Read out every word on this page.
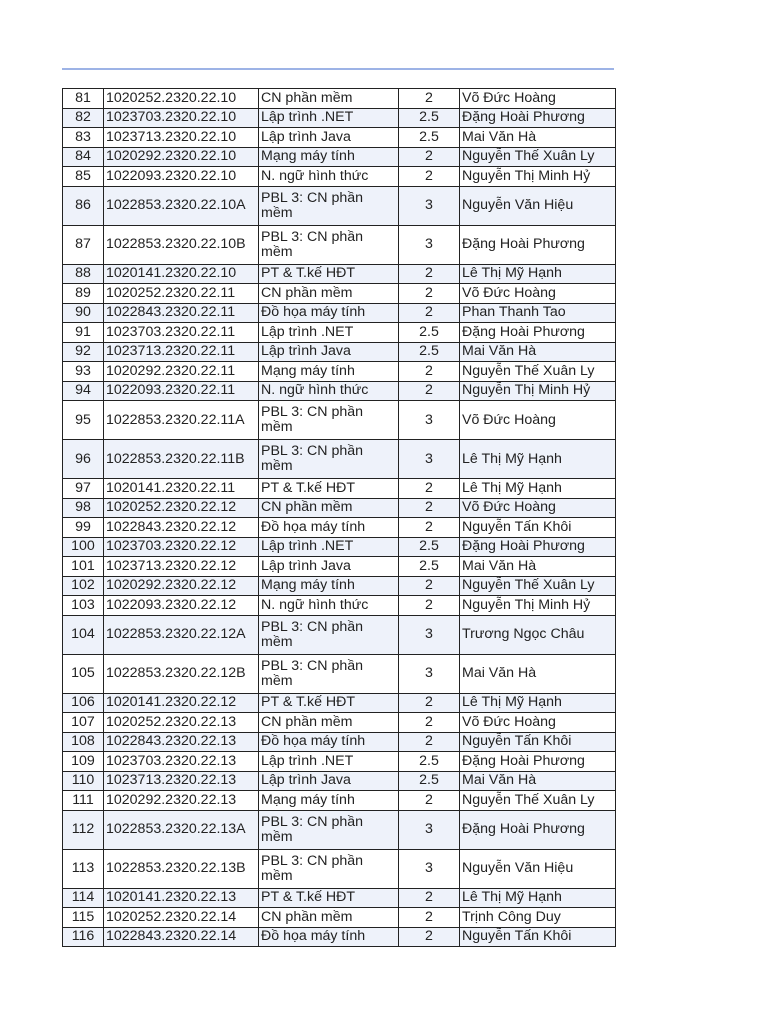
81	1020252.2320.22.10	CN phần mềm	2	Võ Đức Hoàng
82	1023703.2320.22.10	Lập trình .NET	2.5	Đặng Hoài Phương
83	1023713.2320.22.10	Lập trình Java	2.5	Mai Văn Hà
84	1020292.2320.22.10	Mạng máy tính	2	Nguyễn Thế Xuân Ly
85	1022093.2320.22.10	N. ngữ hình thức	2	Nguyễn Thị Minh Hỷ
86	1022853.2320.22.10A	PBL 3: CN phần mềm	3	Nguyễn Văn Hiệu
87	1022853.2320.22.10B	PBL 3: CN phần mềm	3	Đặng Hoài Phương
88	1020141.2320.22.10	PT & T.kế HĐT	2	Lê Thị Mỹ Hạnh
89	1020252.2320.22.11	CN phần mềm	2	Võ Đức Hoàng
90	1022843.2320.22.11	Đồ họa máy tính	2	Phan Thanh Tao
91	1023703.2320.22.11	Lập trình .NET	2.5	Đặng Hoài Phương
92	1023713.2320.22.11	Lập trình Java	2.5	Mai Văn Hà
93	1020292.2320.22.11	Mạng máy tính	2	Nguyễn Thế Xuân Ly
94	1022093.2320.22.11	N. ngữ hình thức	2	Nguyễn Thị Minh Hỷ
95	1022853.2320.22.11A	PBL 3: CN phần mềm	3	Võ Đức Hoàng
96	1022853.2320.22.11B	PBL 3: CN phần mềm	3	Lê Thị Mỹ Hạnh
97	1020141.2320.22.11	PT & T.kế HĐT	2	Lê Thị Mỹ Hạnh
98	1020252.2320.22.12	CN phần mềm	2	Võ Đức Hoàng
99	1022843.2320.22.12	Đồ họa máy tính	2	Nguyễn Tấn Khôi
100	1023703.2320.22.12	Lập trình .NET	2.5	Đặng Hoài Phương
101	1023713.2320.22.12	Lập trình Java	2.5	Mai Văn Hà
102	1020292.2320.22.12	Mạng máy tính	2	Nguyễn Thế Xuân Ly
103	1022093.2320.22.12	N. ngữ hình thức	2	Nguyễn Thị Minh Hỷ
104	1022853.2320.22.12A	PBL 3: CN phần mềm	3	Trương Ngọc Châu
105	1022853.2320.22.12B	PBL 3: CN phần mềm	3	Mai Văn Hà
106	1020141.2320.22.12	PT & T.kế HĐT	2	Lê Thị Mỹ Hạnh
107	1020252.2320.22.13	CN phần mềm	2	Võ Đức Hoàng
108	1022843.2320.22.13	Đồ họa máy tính	2	Nguyễn Tấn Khôi
109	1023703.2320.22.13	Lập trình .NET	2.5	Đặng Hoài Phương
110	1023713.2320.22.13	Lập trình Java	2.5	Mai Văn Hà
111	1020292.2320.22.13	Mạng máy tính	2	Nguyễn Thế Xuân Ly
112	1022853.2320.22.13A	PBL 3: CN phần mềm	3	Đặng Hoài Phương
113	1022853.2320.22.13B	PBL 3: CN phần mềm	3	Nguyễn Văn Hiệu
114	1020141.2320.22.13	PT & T.kế HĐT	2	Lê Thị Mỹ Hạnh
115	1020252.2320.22.14	CN phần mềm	2	Trịnh Công Duy
116	1022843.2320.22.14	Đồ họa máy tính	2	Nguyễn Tấn Khôi
